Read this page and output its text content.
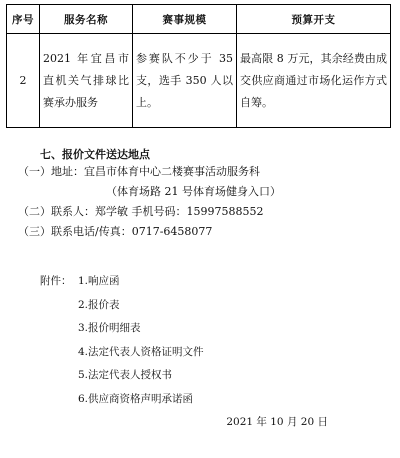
序号	服务名称	赛事规模	预算开支
2	2021 年宜昌市直机关气排球比赛承办服务	参赛队不少于 35 支，选手 350 人以上。	最高限 8 万元，其余经费由成交供应商通过市场化运作方式自筹。
七、报价文件送达地点
（一）地址：宜昌市体育中心二楼赛事活动服务科
（体育场路 21 号体育场健身入口）
（二）联系人：郑学敏 手机号码：15997588552
（三）联系电话/传真：0717-6458077
附件： 1.响应函
2.报价表
3.报价明细表
4.法定代表人资格证明文件
5.法定代表人授权书
6.供应商资格声明承诺函
2021 年 10 月 20 日
